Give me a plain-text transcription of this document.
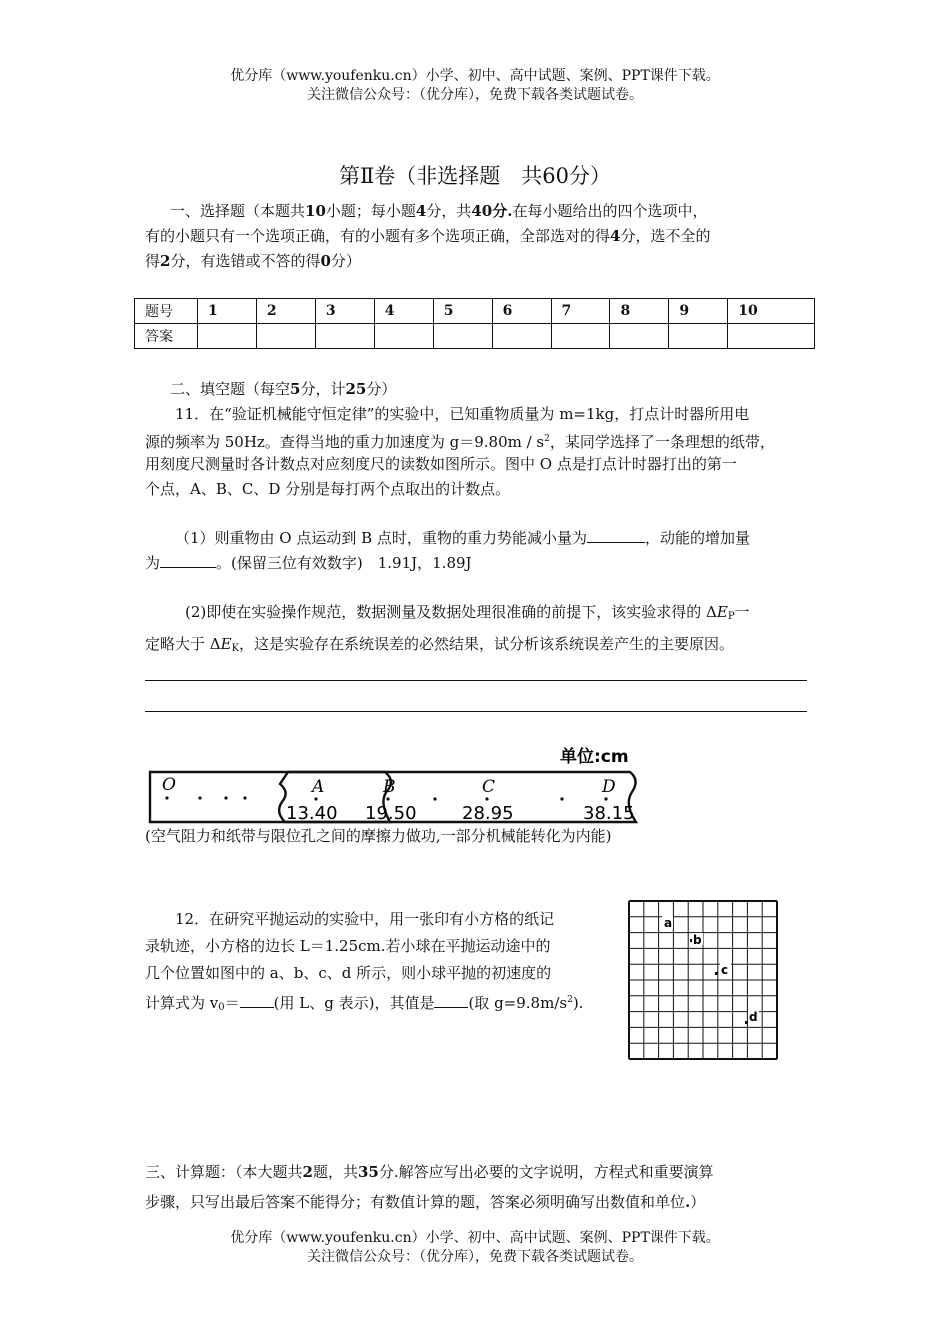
优分库（www.youfenku.cn）小学、初中、高中试题、案例、PPT课件下载。
关注微信公众号：（优分库），免费下载各类试题试卷。
第Ⅱ卷（非选择题　共60分）
一、选择题（本题共10小题；每小题4分，共40分.在每小题给出的四个选项中，
有的小题只有一个选项正确，有的小题有多个选项正确，全部选对的得4分，选不全的
得2分，有选错或不答的得0分）
题号	1	2	3	4	5	6	7	8	9	10
答案										
二、填空题（每空5分，计25分）
11．在“验证机械能守恒定律”的实验中，已知重物质量为 m=1kg，打点计时器所用电
源的频率为 50Hz。查得当地的重力加速度为 $g=9.80m / s^2$，某同学选择了一条理想的纸带，
用刻度尺测量时各计数点对应刻度尺的读数如图所示。图中 O 点是打点计时器打出的第一
个点，A、B、C、D 分别是每打两个点取出的计数点。
（1）则重物由 O 点运动到 B 点时，重物的重力势能减小量为	，动能的增加量
为	。(保留三位有效数字)　1.91J，1.89J
(2)即使在实验操作规范，数据测量及数据处理很准确的前提下，该实验求得的 $\Delta E_P$一
定略大于 $\Delta E_K$，这是实验存在系统误差的必然结果，试分析该系统误差产生的主要原因。
单位:cm
O	A	B	C	D
13.40 19.50	28.95	38.15
(空气阻力和纸带与限位孔之间的摩擦力做功,一部分机械能转化为内能)
12．在研究平抛运动的实验中，用一张印有小方格的纸记
录轨迹，小方格的边长 L＝1.25cm.若小球在平抛运动途中的
几个位置如图中的 a、b、c、d 所示，则小球平抛的初速度的
计算式为 $v_0=$ (用 L、g 表示)，其值是 (取 $g=9.8m/s^2$).
a
b
c
d
三、计算题：（本大题共2题，共35分.解答应写出必要的文字说明，方程式和重要演算
步骤，只写出最后答案不能得分；有数值计算的题，答案必须明确写出数值和单位.）
优分库（www.youfenku.cn）小学、初中、高中试题、案例、PPT课件下载。
关注微信公众号：（优分库），免费下载各类试题试卷。
